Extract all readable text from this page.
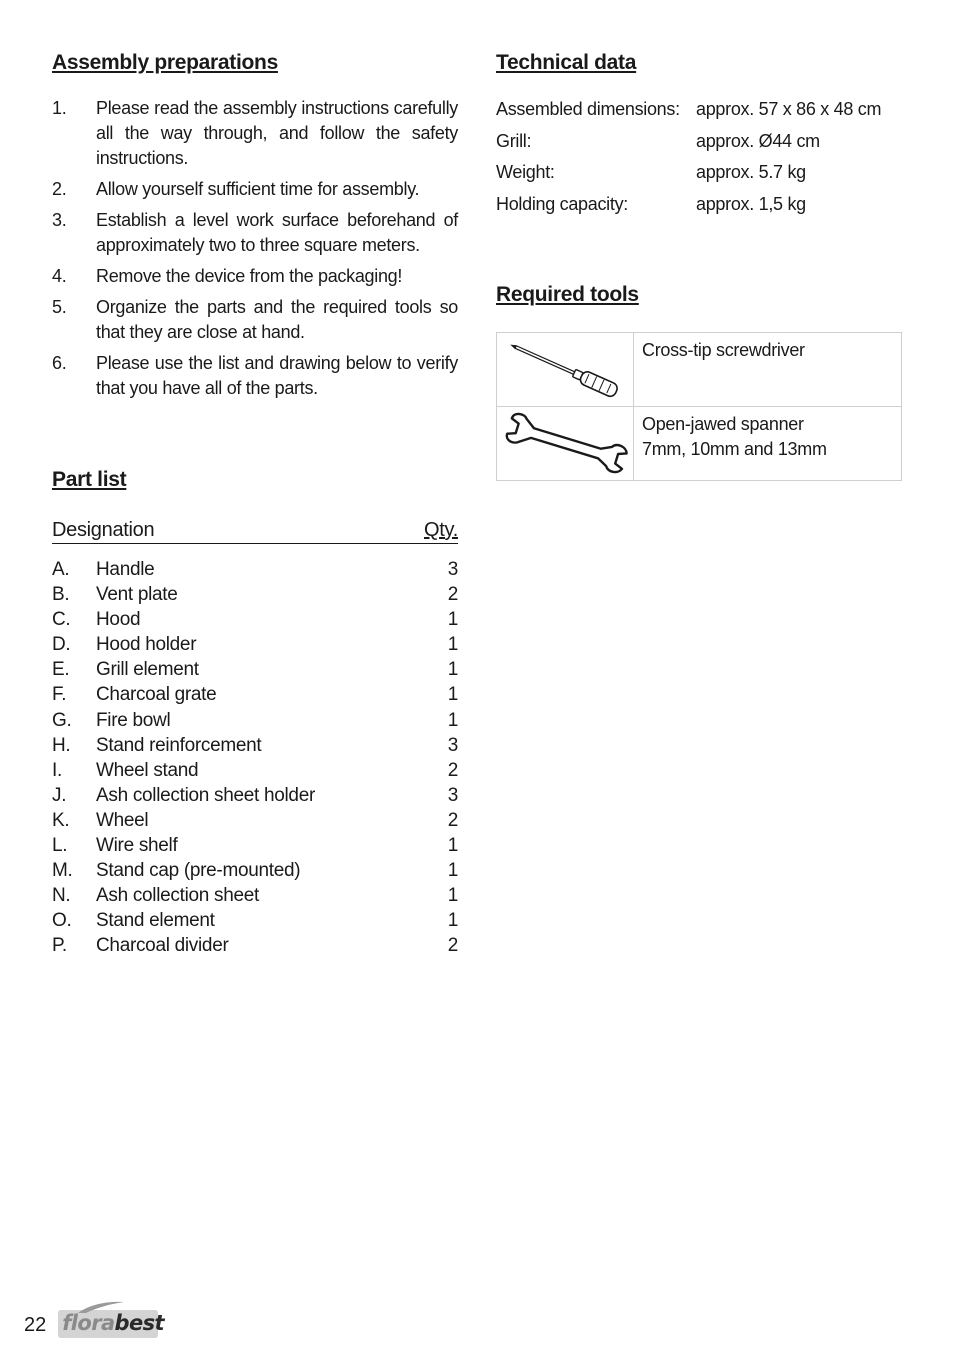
Assembly preparations
1.	Please read the assembly instructions carefully all the way through, and follow the safety instructions.
2.	Allow yourself sufficient time for assembly.
3.	Establish a level work surface beforehand of approximately two to three square meters.
4.	Remove the device from the packaging!
5.	Organize the parts and the required tools so that they are close at hand.
6.	Please use the list and drawing below to verify that you have all of the parts.
Part list
Designation	Qty.
A.	Handle	3
B.	Vent plate	2
C.	Hood	1
D.	Hood holder	1
E.	Grill element	1
F.	Charcoal grate	1
G.	Fire bowl	1
H.	Stand reinforcement	3
I.	Wheel stand	2
J.	Ash collection sheet holder	3
K.	Wheel	2
L.	Wire shelf	1
M.	Stand cap (pre-mounted)	1
N.	Ash collection sheet	1
O.	Stand element	1
P.	Charcoal divider	2
Technical data
Assembled dimensions: approx. 57 x 86 x 48 cm
Grill:	approx. Ø44 cm
Weight:	approx. 5.7 kg
Holding capacity:	approx. 1,5 kg
Required tools

Cross-tip screwdriver

Open-jawed spanner
7mm, 10mm and 13mm
22 florabest
